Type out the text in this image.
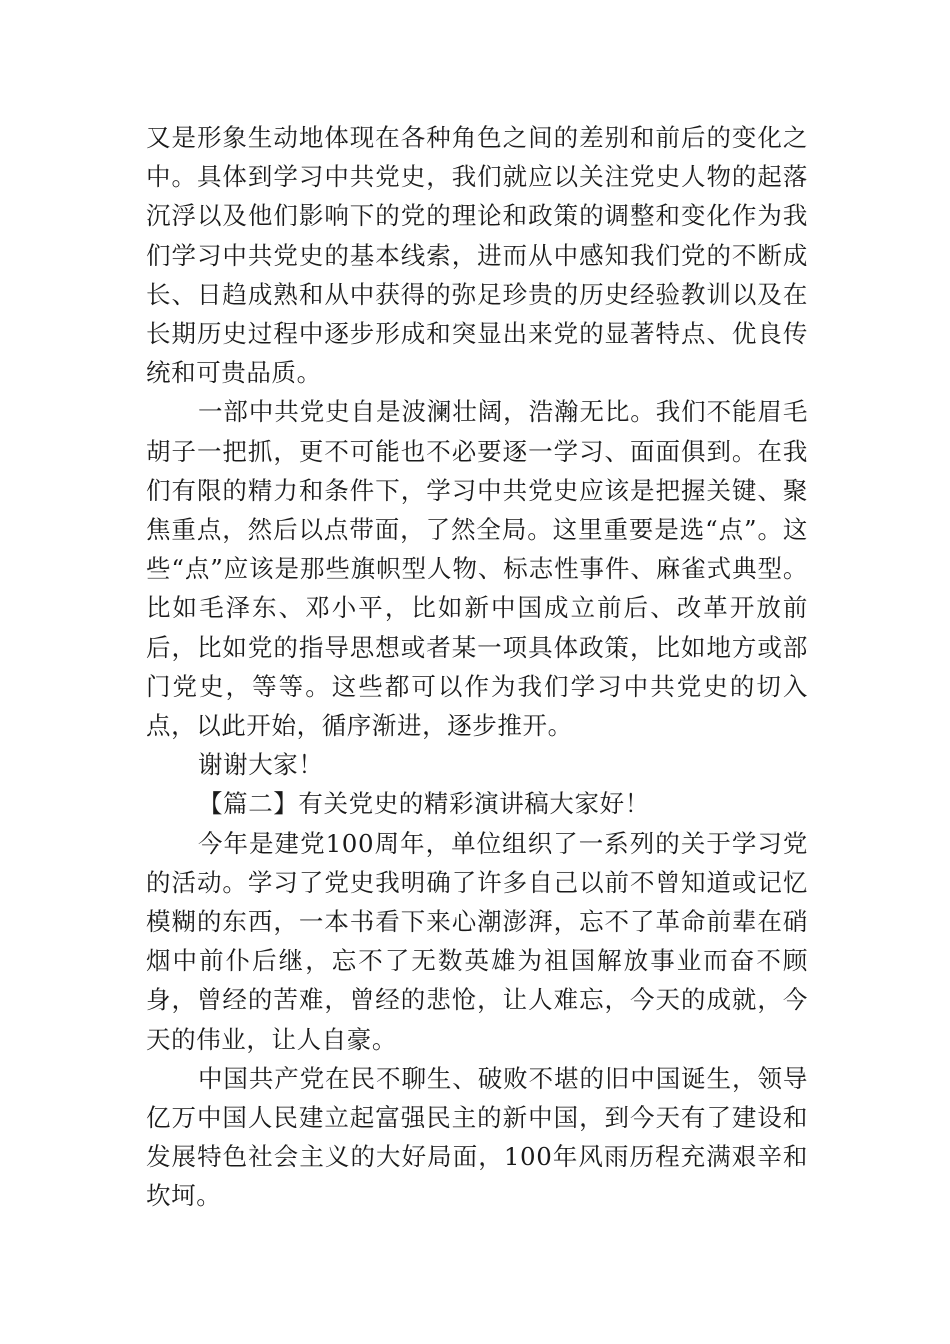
又是形象生动地体现在各种角色之间的差别和前后的变化之中。具体到学习中共党史，我们就应以关注党史人物的起落沉浮以及他们影响下的党的理论和政策的调整和变化作为我们学习中共党史的基本线索，进而从中感知我们党的不断成长、日趋成熟和从中获得的弥足珍贵的历史经验教训以及在长期历史过程中逐步形成和突显出来党的显著特点、优良传统和可贵品质。

一部中共党史自是波澜壮阔，浩瀚无比。我们不能眉毛胡子一把抓，更不可能也不必要逐一学习、面面俱到。在我们有限的精力和条件下，学习中共党史应该是把握关键、聚焦重点，然后以点带面，了然全局。这里重要是选“点”。这些“点”应该是那些旗帜型人物、标志性事件、麻雀式典型。比如毛泽东、邓小平，比如新中国成立前后、改革开放前后，比如党的指导思想或者某一项具体政策，比如地方或部门党史，等等。这些都可以作为我们学习中共党史的切入点，以此开始，循序渐进，逐步推开。

谢谢大家！

【篇二】有关党史的精彩演讲稿大家好！

今年是建党100周年，单位组织了一系列的关于学习党的活动。学习了党史我明确了许多自己以前不曾知道或记忆模糊的东西，一本书看下来心潮澎湃，忘不了革命前辈在硝烟中前仆后继，忘不了无数英雄为祖国解放事业而奋不顾身，曾经的苦难，曾经的悲怆，让人难忘，今天的成就，今天的伟业，让人自豪。

中国共产党在民不聊生、破败不堪的旧中国诞生，领导亿万中国人民建立起富强民主的新中国，到今天有了建设和发展特色社会主义的大好局面，100年风雨历程充满艰辛和坎坷。
